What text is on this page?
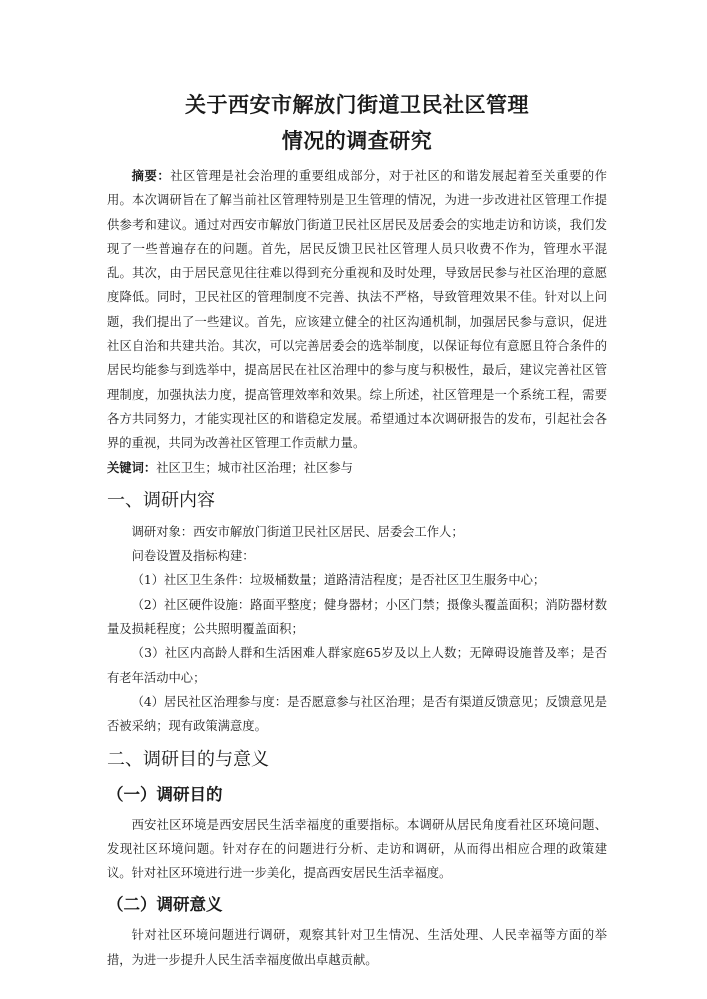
关于西安市解放门街道卫民社区管理
情况的调查研究

摘要：社区管理是社会治理的重要组成部分，对于社区的和谐发展起着至关重要的作用。本次调研旨在了解当前社区管理特别是卫生管理的情况，为进一步改进社区管理工作提供参考和建议。通过对西安市解放门街道卫民社区居民及居委会的实地走访和访谈，我们发现了一些普遍存在的问题。首先，居民反馈卫民社区管理人员只收费不作为，管理水平混乱。其次，由于居民意见往往难以得到充分重视和及时处理，导致居民参与社区治理的意愿度降低。同时，卫民社区的管理制度不完善、执法不严格，导致管理效果不佳。针对以上问题，我们提出了一些建议。首先，应该建立健全的社区沟通机制，加强居民参与意识，促进社区自治和共建共治。其次，可以完善居委会的选举制度，以保证每位有意愿且符合条件的居民均能参与到选举中，提高居民在社区治理中的参与度与积极性，最后，建议完善社区管理制度，加强执法力度，提高管理效率和效果。综上所述，社区管理是一个系统工程，需要各方共同努力，才能实现社区的和谐稳定发展。希望通过本次调研报告的发布，引起社会各界的重视，共同为改善社区管理工作贡献力量。

关键词：社区卫生；城市社区治理；社区参与

一、调研内容

调研对象：西安市解放门街道卫民社区居民、居委会工作人；

问卷设置及指标构建：

（1）社区卫生条件：垃圾桶数量；道路清洁程度；是否社区卫生服务中心；

（2）社区硬件设施：路面平整度；健身器材；小区门禁；摄像头覆盖面积；消防器材数量及损耗程度；公共照明覆盖面积；

（3）社区内高龄人群和生活困难人群家庭65岁及以上人数；无障碍设施普及率；是否有老年活动中心；

（4）居民社区治理参与度：是否愿意参与社区治理；是否有渠道反馈意见；反馈意见是否被采纳；现有政策满意度。

二、调研目的与意义
（一）调研目的

西安社区环境是西安居民生活幸福度的重要指标。本调研从居民角度看社区环境问题、发现社区环境问题。针对存在的问题进行分析、走访和调研，从而得出相应合理的政策建议。针对社区环境进行进一步美化，提高西安居民生活幸福度。

（二）调研意义

针对社区环境问题进行调研，观察其针对卫生情况、生活处理、人民幸福等方面的举措，为进一步提升人民生活幸福度做出卓越贡献。
